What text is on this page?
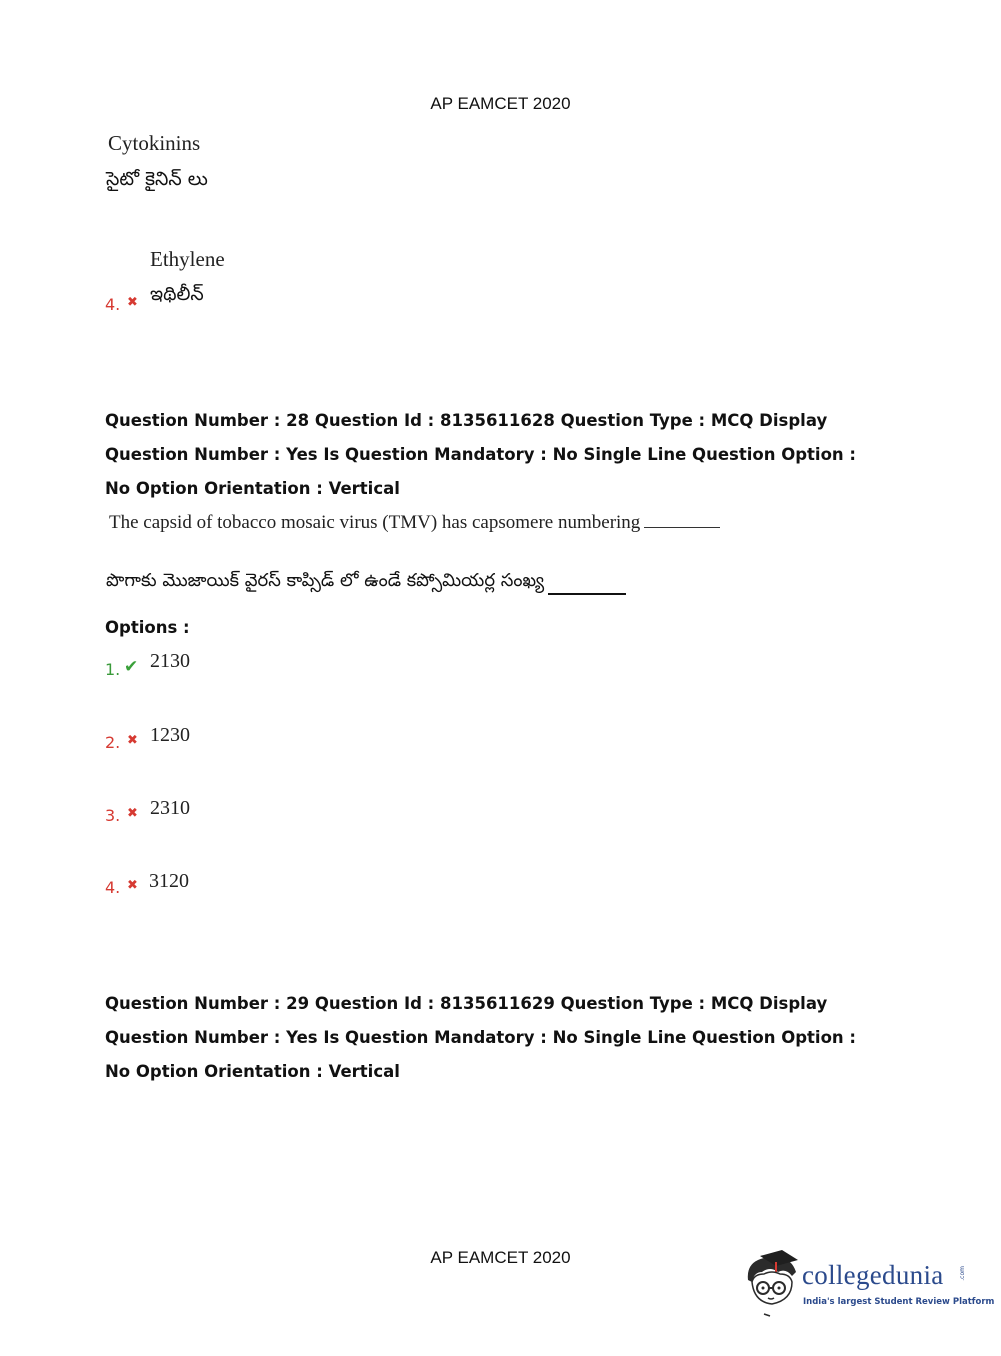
AP EAMCET 2020
Cytokinins
సైటో కైనిన్ లు
Ethylene
4. ✖ ఇథిలీన్
Question Number : 28 Question Id : 8135611628 Question Type : MCQ Display Question Number : Yes Is Question Mandatory : No Single Line Question Option : No Option Orientation : Vertical
The capsid of tobacco mosaic virus (TMV) has capsomere numbering
పొగాకు మొజాయిక్ వైరస్ కాప్సిడ్ లో ఉండే కప్సోమియర్ల సంఖ్య
Options :
1. ✔ 2130
2. ✖ 1230
3. ✖ 2310
4. ✖ 3120
Question Number : 29 Question Id : 8135611629 Question Type : MCQ Display Question Number : Yes Is Question Mandatory : No Single Line Question Option : No Option Orientation : Vertical
AP EAMCET 2020
collegedunia	.com
India's largest Student Review Platform
